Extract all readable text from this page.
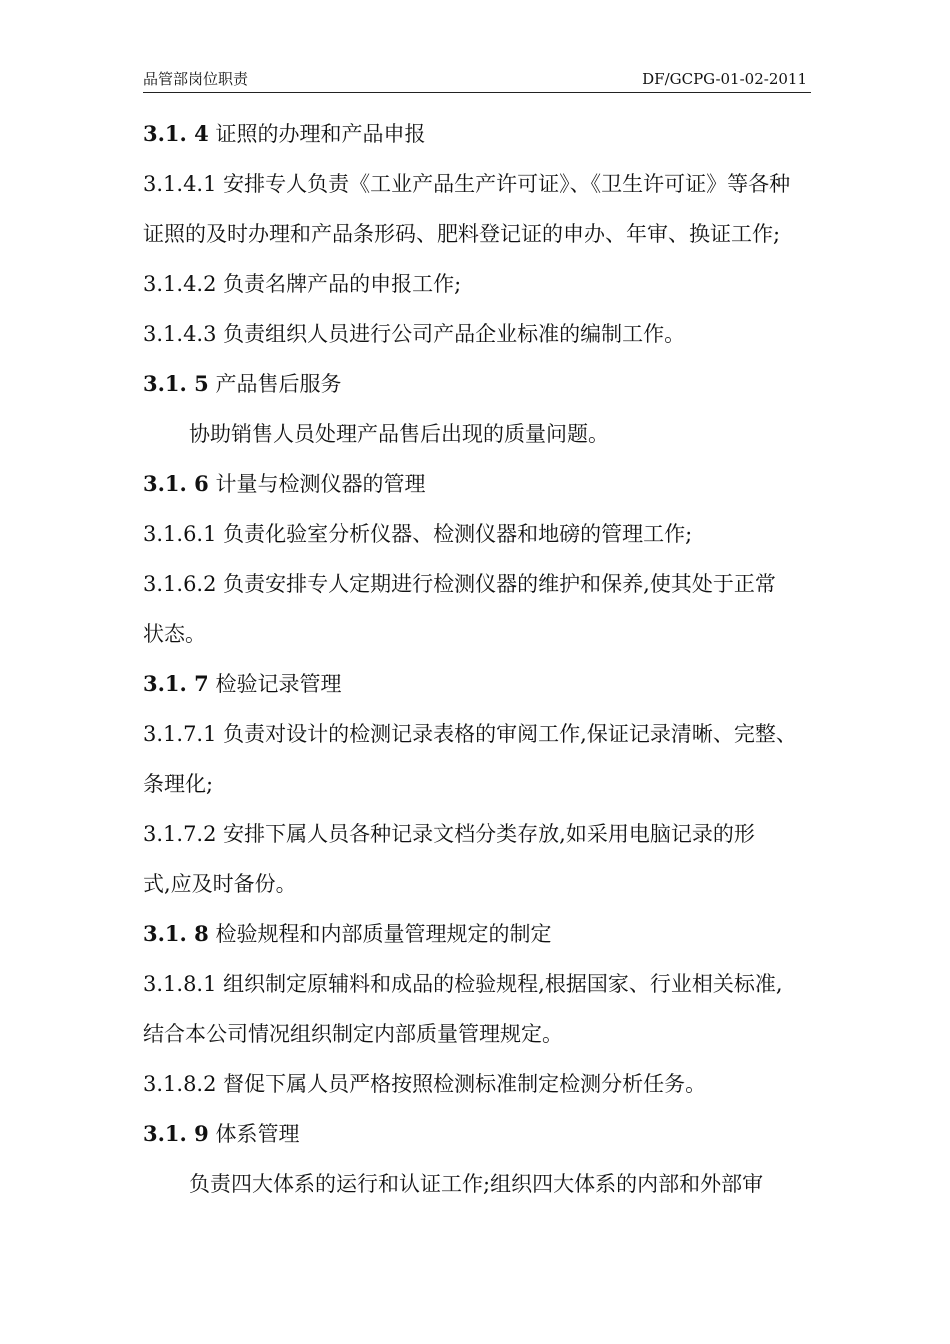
品管部岗位职责	DF/GCPG-01-02-2011
3.1. 4 证照的办理和产品申报
3.1.4.1 安排专人负责《工业产品生产许可证》、《卫生许可证》等各种
证照的及时办理和产品条形码、肥料登记证的申办、年审、换证工作;
3.1.4.2 负责名牌产品的申报工作;
3.1.4.3 负责组织人员进行公司产品企业标准的编制工作。
3.1. 5 产品售后服务
协助销售人员处理产品售后出现的质量问题。
3.1. 6 计量与检测仪器的管理
3.1.6.1 负责化验室分析仪器、检测仪器和地磅的管理工作;
3.1.6.2 负责安排专人定期进行检测仪器的维护和保养,使其处于正常
状态。
3.1. 7 检验记录管理
3.1.7.1 负责对设计的检测记录表格的审阅工作,保证记录清晰、完整、
条理化;
3.1.7.2 安排下属人员各种记录文档分类存放,如采用电脑记录的形
式,应及时备份。
3.1. 8 检验规程和内部质量管理规定的制定
3.1.8.1 组织制定原辅料和成品的检验规程,根据国家、行业相关标准,
结合本公司情况组织制定内部质量管理规定。
3.1.8.2 督促下属人员严格按照检测标准制定检测分析任务。
3.1. 9 体系管理
负责四大体系的运行和认证工作;组织四大体系的内部和外部审
